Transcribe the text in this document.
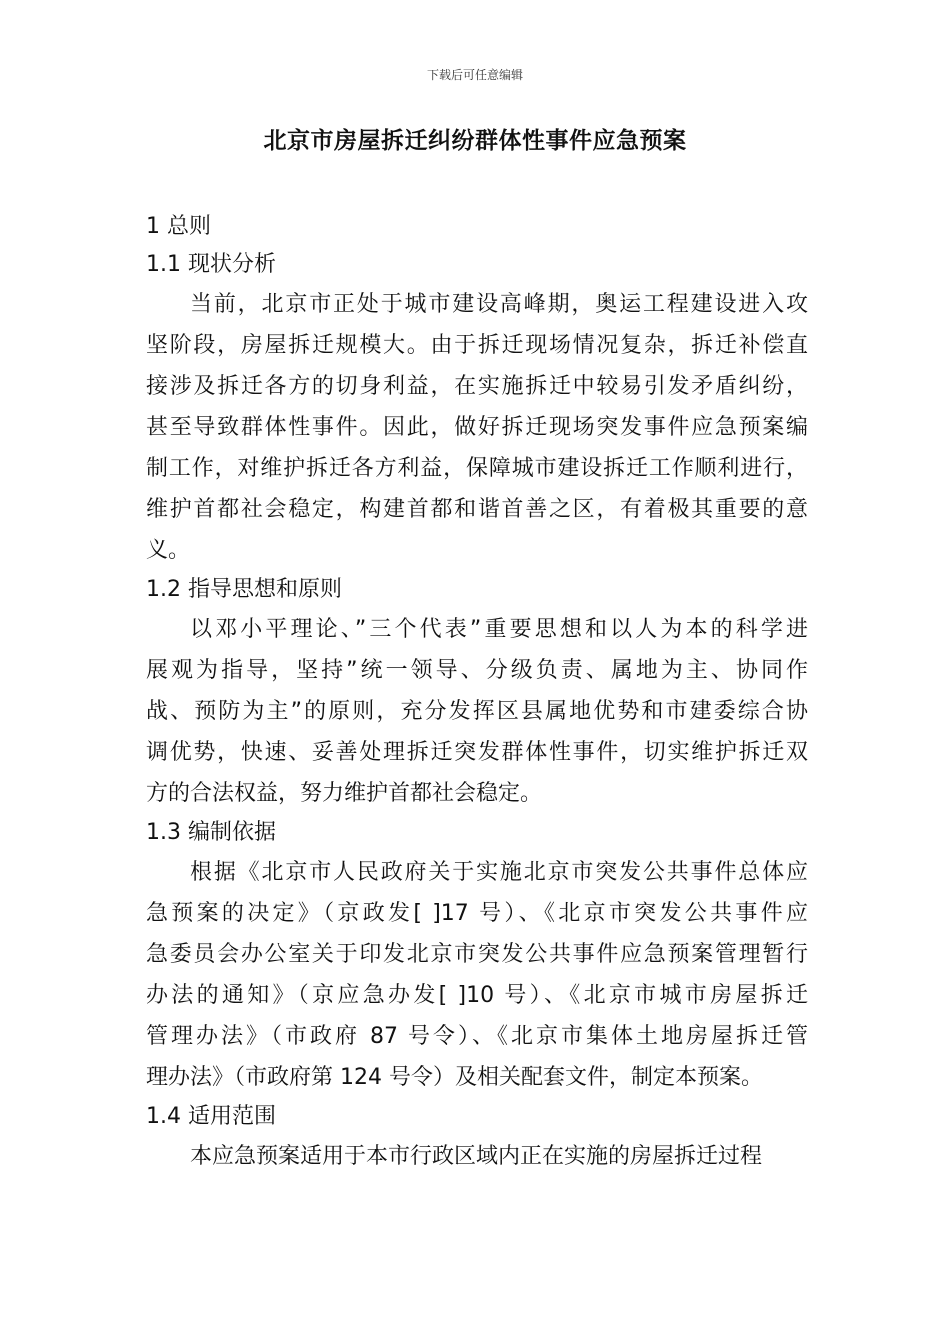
下载后可任意编辑
北京市房屋拆迁纠纷群体性事件应急预案
1 总则
1.1 现状分析
当前，北京市正处于城市建设高峰期，奥运工程建设进入攻
坚阶段，房屋拆迁规模大。由于拆迁现场情况复杂，拆迁补偿直
接涉及拆迁各方的切身利益，在实施拆迁中较易引发矛盾纠纷，
甚至导致群体性事件。因此，做好拆迁现场突发事件应急预案编
制工作，对维护拆迁各方利益，保障城市建设拆迁工作顺利进行，
维护首都社会稳定，构建首都和谐首善之区，有着极其重要的意
义。
1.2 指导思想和原则
以邓小平理论、”三个代表”重要思想和以人为本的科学进
展观为指导，坚持”统一领导、分级负责、属地为主、协同作
战、预防为主”的原则，充分发挥区县属地优势和市建委综合协
调优势，快速、妥善处理拆迁突发群体性事件，切实维护拆迁双
方的合法权益，努力维护首都社会稳定。
1.3 编制依据
根据《北京市人民政府关于实施北京市突发公共事件总体应
急预案的决定》（京政发[ ]17 号）、《北京市突发公共事件应
急委员会办公室关于印发北京市突发公共事件应急预案管理暂行
办法的通知》（京应急办发[ ]10 号）、《北京市城市房屋拆迁
管理办法》（市政府 87 号令）、《北京市集体土地房屋拆迁管
理办法》（市政府第 124 号令）及相关配套文件，制定本预案。
1.4 适用范围
本应急预案适用于本市行政区域内正在实施的房屋拆迁过程
